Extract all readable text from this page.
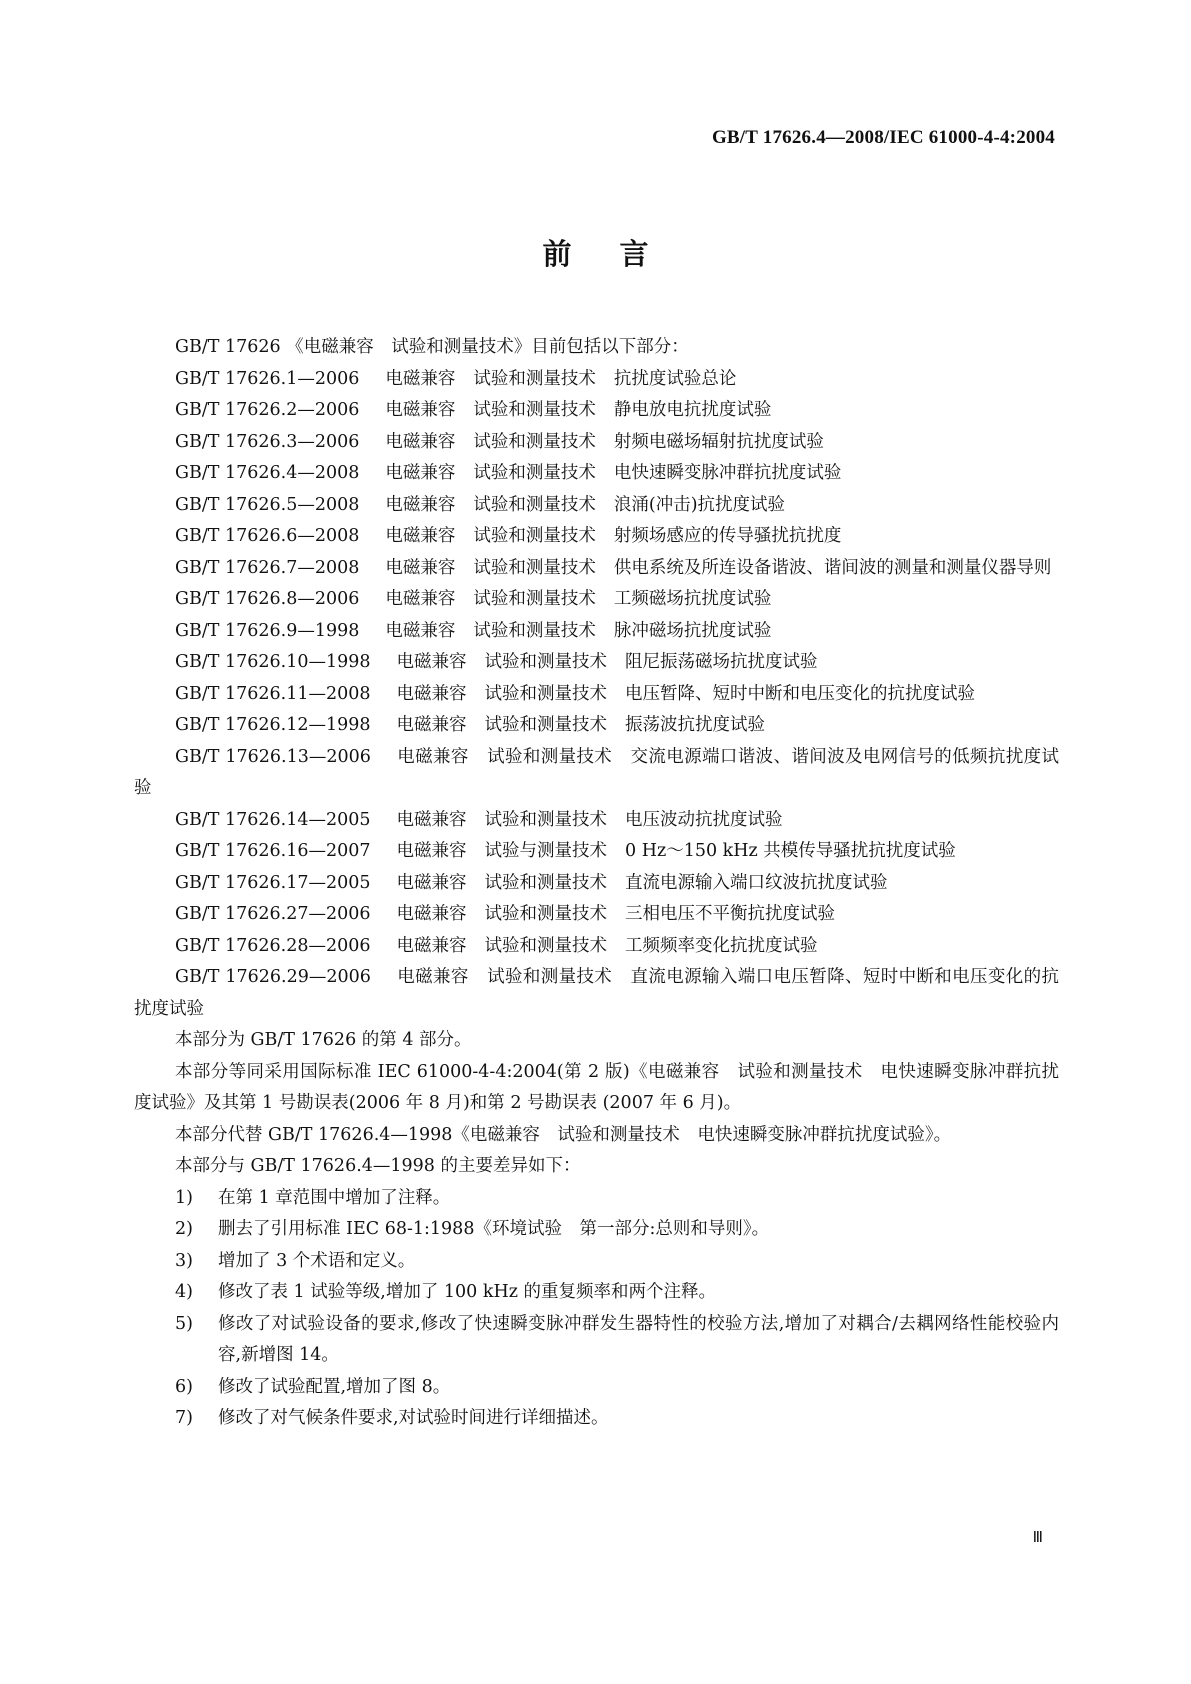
GB/T 17626.4—2008/IEC 61000-4-4:2004
前言

GB/T 17626 《电磁兼容　试验和测量技术》目前包括以下部分：

GB/T 17626.1—2006 电磁兼容 试验和测量技术 抗扰度试验总论

GB/T 17626.2—2006 电磁兼容 试验和测量技术 静电放电抗扰度试验

GB/T 17626.3—2006 电磁兼容 试验和测量技术 射频电磁场辐射抗扰度试验

GB/T 17626.4—2008 电磁兼容 试验和测量技术 电快速瞬变脉冲群抗扰度试验

GB/T 17626.5—2008 电磁兼容 试验和测量技术 浪涌(冲击)抗扰度试验

GB/T 17626.6—2008 电磁兼容 试验和测量技术 射频场感应的传导骚扰抗扰度

GB/T 17626.7—2008 电磁兼容 试验和测量技术 供电系统及所连设备谐波、谐间波的测量和测量仪器导则

GB/T 17626.8—2006 电磁兼容 试验和测量技术 工频磁场抗扰度试验

GB/T 17626.9—1998 电磁兼容 试验和测量技术 脉冲磁场抗扰度试验

GB/T 17626.10—1998 电磁兼容 试验和测量技术 阻尼振荡磁场抗扰度试验

GB/T 17626.11—2008 电磁兼容 试验和测量技术 电压暂降、短时中断和电压变化的抗扰度试验

GB/T 17626.12—1998 电磁兼容 试验和测量技术 振荡波抗扰度试验

GB/T 17626.13—2006 电磁兼容 试验和测量技术 交流电源端口谐波、谐间波及电网信号的低频抗扰度试验

GB/T 17626.14—2005 电磁兼容 试验和测量技术 电压波动抗扰度试验

GB/T 17626.16—2007 电磁兼容 试验与测量技术 0 Hz～150 kHz 共模传导骚扰抗扰度试验

GB/T 17626.17—2005 电磁兼容 试验和测量技术 直流电源输入端口纹波抗扰度试验

GB/T 17626.27—2006 电磁兼容 试验和测量技术 三相电压不平衡抗扰度试验

GB/T 17626.28—2006 电磁兼容 试验和测量技术 工频频率变化抗扰度试验

GB/T 17626.29—2006 电磁兼容 试验和测量技术 直流电源输入端口电压暂降、短时中断和电压变化的抗扰度试验

本部分为 GB/T 17626 的第 4 部分。

本部分等同采用国际标准 IEC 61000-4-4:2004(第 2 版)《电磁兼容　试验和测量技术　电快速瞬变脉冲群抗扰度试验》及其第 1 号勘误表(2006 年 8 月)和第 2 号勘误表 (2007 年 6 月)。

本部分代替 GB/T 17626.4—1998《电磁兼容　试验和测量技术　电快速瞬变脉冲群抗扰度试验》。

本部分与 GB/T 17626.4—1998 的主要差异如下：

1) 在第 1 章范围中增加了注释。
2) 删去了引用标准 IEC 68-1:1988《环境试验　第一部分:总则和导则》。
3) 增加了 3 个术语和定义。
4) 修改了表 1 试验等级,增加了 100 kHz 的重复频率和两个注释。
5) 修改了对试验设备的要求,修改了快速瞬变脉冲群发生器特性的校验方法,增加了对耦合/去耦网络性能校验内容,新增图 14。
6) 修改了试验配置,增加了图 8。
7) 修改了对气候条件要求,对试验时间进行详细描述。
Ⅲ
